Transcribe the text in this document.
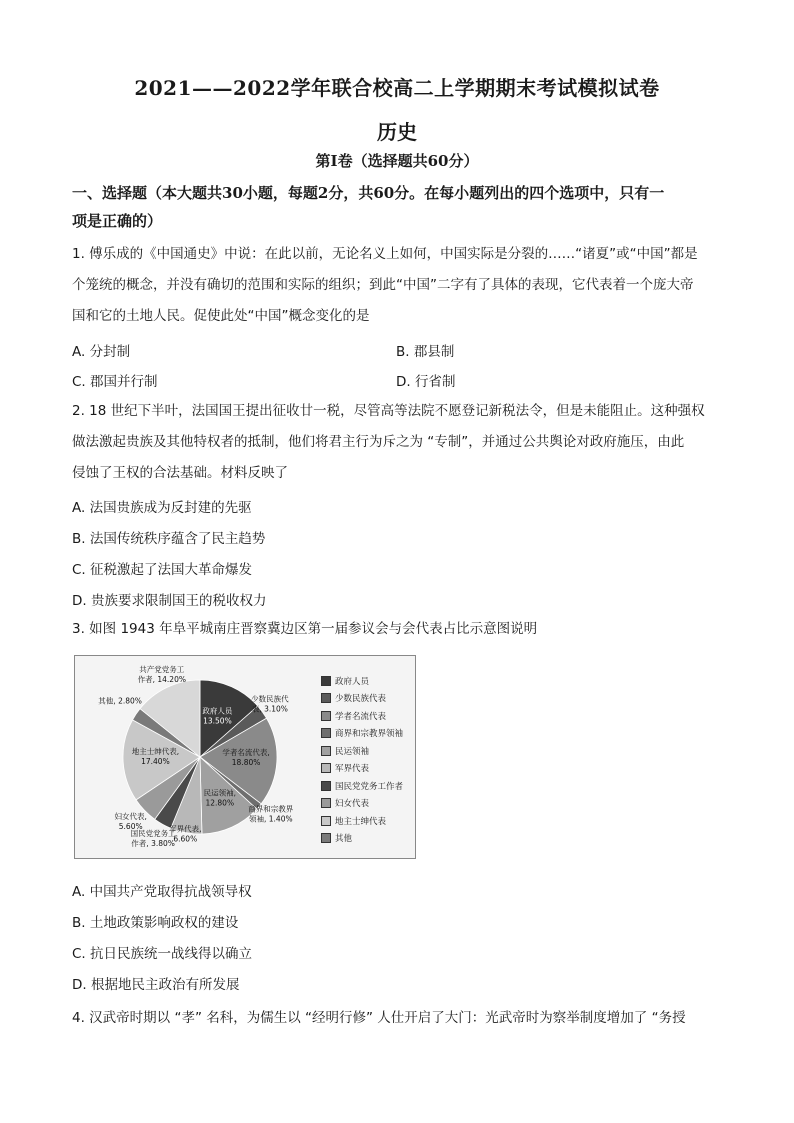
2021——2022学年联合校高二上学期期末考试模拟试卷
历史
第I卷（选择题共60分）
一、选择题（本大题共30小题，每题2分，共60分。在每小题列出的四个选项中，只有一
项是正确的）
1. 傅乐成的《中国通史》中说：在此以前，无论名义上如何，中国实际是分裂的……“诸夏”或“中国”都是
个笼统的概念，并没有确切的范围和实际的组织；到此“中国”二字有了具体的表现，它代表着一个庞大帝
国和它的土地人民。促使此处“中国”概念变化的是
A. 分封制	B. 郡县制
C. 郡国并行制	D. 行省制
2. 18 世纪下半叶，法国国王提出征收廿一税，尽管高等法院不愿登记新税法令，但是未能阻止。这种强权
做法激起贵族及其他特权者的抵制，他们将君主行为斥之为 “专制”，并通过公共舆论对政府施压，由此
侵蚀了王权的合法基础。材料反映了
A. 法国贵族成为反封建的先驱
B. 法国传统秩序蕴含了民主趋势
C. 征税激起了法国大革命爆发
D. 贵族要求限制国王的税收权力
3. 如图 1943 年阜平城南庄晋察冀边区第一届参议会与会代表占比示意图说明
政府人员 13.50%
少数民族代表, 3.10%
学者名流代表, 18.80%
商界和宗教界领袖, 1.40%
民运领袖, 12.80%
军界代表, 6.60%
国民党党务工作者, 3.80%
妇女代表, 5.60%
地主士绅代表, 17.40%
其他, 2.80%
共产党党务工作者, 14.20%	政府人员
少数民族代表
学者名流代表
商界和宗教界领袖
民运领袖
军界代表
国民党党务工作者
妇女代表
地主士绅代表
其他
A. 中国共产党取得抗战领导权
B. 土地政策影响政权的建设
C. 抗日民族统一战线得以确立
D. 根据地民主政治有所发展
4. 汉武帝时期以 “孝” 名科，为儒生以 “经明行修” 人仕开启了大门：光武帝时为察举制度增加了 “务授
